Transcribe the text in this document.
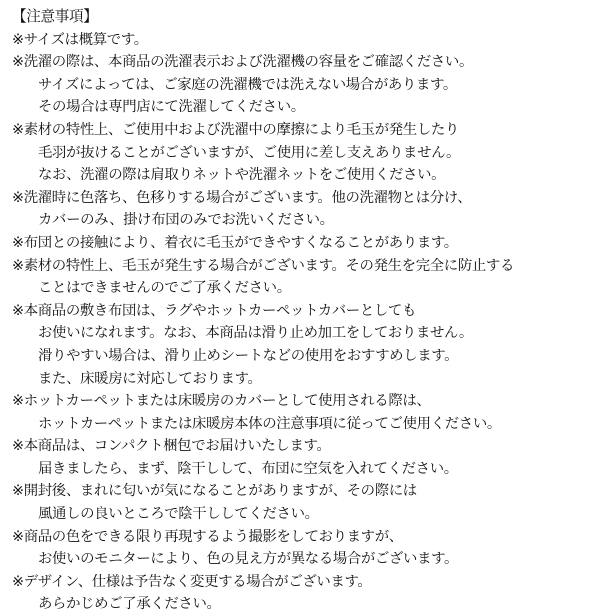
【注意事項】
※サイズは概算です。
※洗濯の際は、本商品の洗濯表示および洗濯機の容量をご確認ください。
サイズによっては、ご家庭の洗濯機では洗えない場合があります。
その場合は専門店にて洗濯してください。
※素材の特性上、ご使用中および洗濯中の摩擦により毛玉が発生したり
毛羽が抜けることがございますが、ご使用に差し支えありません。
なお、洗濯の際は肩取りネットや洗濯ネットをご使用ください。
※洗濯時に色落ち、色移りする場合がございます。他の洗濯物とは分け、
カバーのみ、掛け布団のみでお洗いください。
※布団との接触により、着衣に毛玉ができやすくなることがあります。
※素材の特性上、毛玉が発生する場合がございます。その発生を完全に防止する
ことはできませんのでご了承ください。
※本商品の敷き布団は、ラグやホットカーペットカバーとしても
お使いになれます。なお、本商品は滑り止め加工をしておりません。
滑りやすい場合は、滑り止めシートなどの使用をおすすめします。
また、床暖房に対応しております。
※ホットカーペットまたは床暖房のカバーとして使用される際は、
ホットカーペットまたは床暖房本体の注意事項に従ってご使用ください。
※本商品は、コンパクト梱包でお届けいたします。
届きましたら、まず、陰干しして、布団に空気を入れてください。
※開封後、まれに匂いが気になることがありますが、その際には
風通しの良いところで陰干ししてください。
※商品の色をできる限り再現するよう撮影をしておりますが、
お使いのモニターにより、色の見え方が異なる場合がございます。
※デザイン、仕様は予告なく変更する場合がございます。
あらかじめご了承ください。
